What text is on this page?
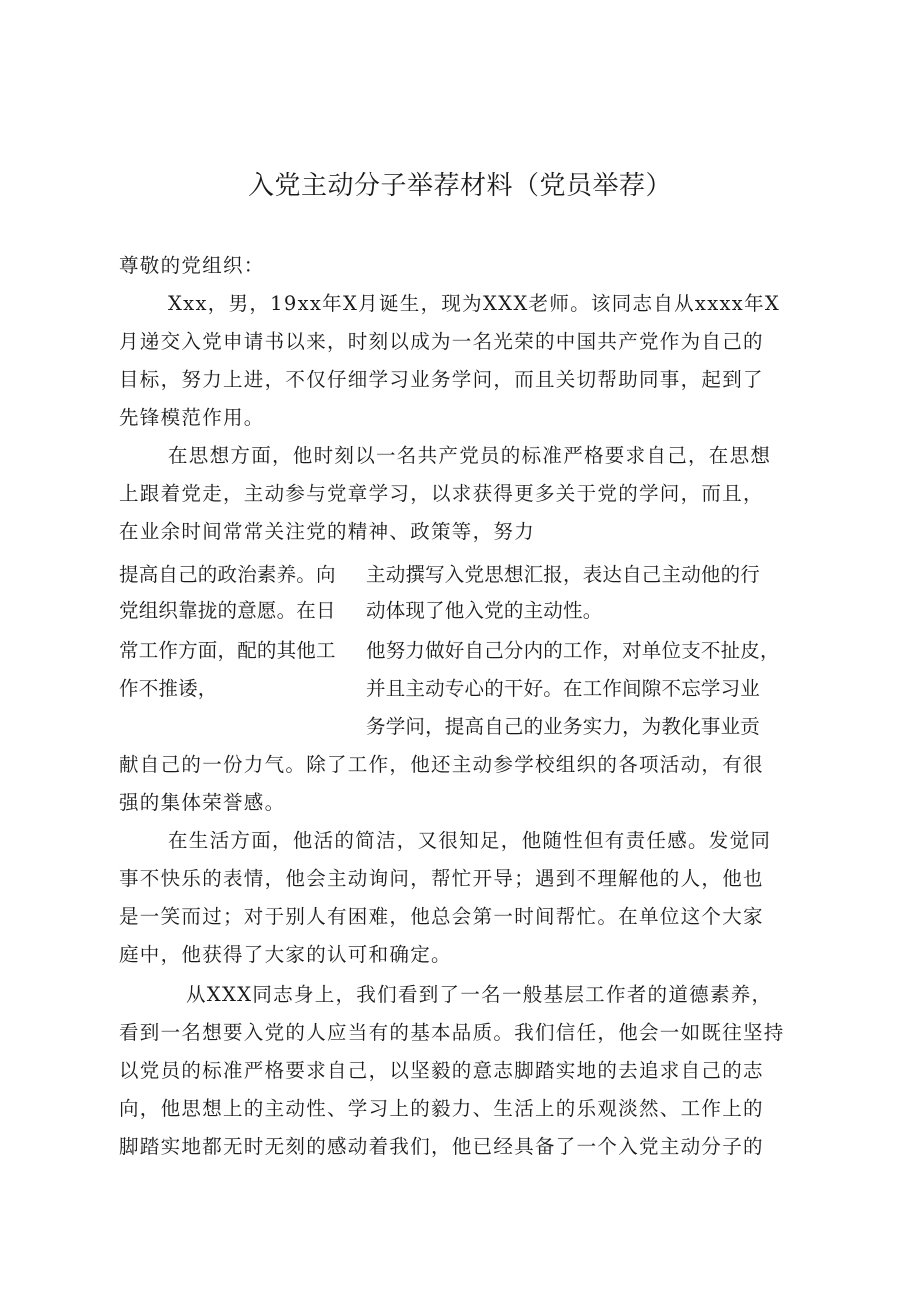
入党主动分子举荐材料（党员举荐）
尊敬的党组织：
Xxx，男，19xx年X月诞生，现为XXX老师。该同志自从xxxx年X
月递交入党申请书以来，时刻以成为一名光荣的中国共产党作为自己的
目标，努力上进，不仅仔细学习业务学问，而且关切帮助同事，起到了
先锋模范作用。
在思想方面，他时刻以一名共产党员的标准严格要求自己，在思想
上跟着党走，主动参与党章学习，以求获得更多关于党的学问，而且，
在业余时间常常关注党的精神、政策等，努力
提高自己的政治素养。向
党组织靠拢的意愿。在日
常工作方面，配的其他工
作不推诿，
主动撰写入党思想汇报，表达自己主动他的行
动体现了他入党的主动性。
他努力做好自己分内的工作，对单位支不扯皮，
并且主动专心的干好。在工作间隙不忘学习业
务学问，提高自己的业务实力，为教化事业贡
献自己的一份力气。除了工作，他还主动参学校组织的各项活动，有很
强的集体荣誉感。
在生活方面，他活的简洁，又很知足，他随性但有责任感。发觉同
事不快乐的表情，他会主动询问，帮忙开导；遇到不理解他的人，他也
是一笑而过；对于别人有困难，他总会第一时间帮忙。在单位这个大家
庭中，他获得了大家的认可和确定。
从XXX同志身上，我们看到了一名一般基层工作者的道德素养，
看到一名想要入党的人应当有的基本品质。我们信任，他会一如既往坚持
以党员的标准严格要求自己，以坚毅的意志脚踏实地的去追求自己的志
向，他思想上的主动性、学习上的毅力、生活上的乐观淡然、工作上的
脚踏实地都无时无刻的感动着我们，他已经具备了一个入党主动分子的
